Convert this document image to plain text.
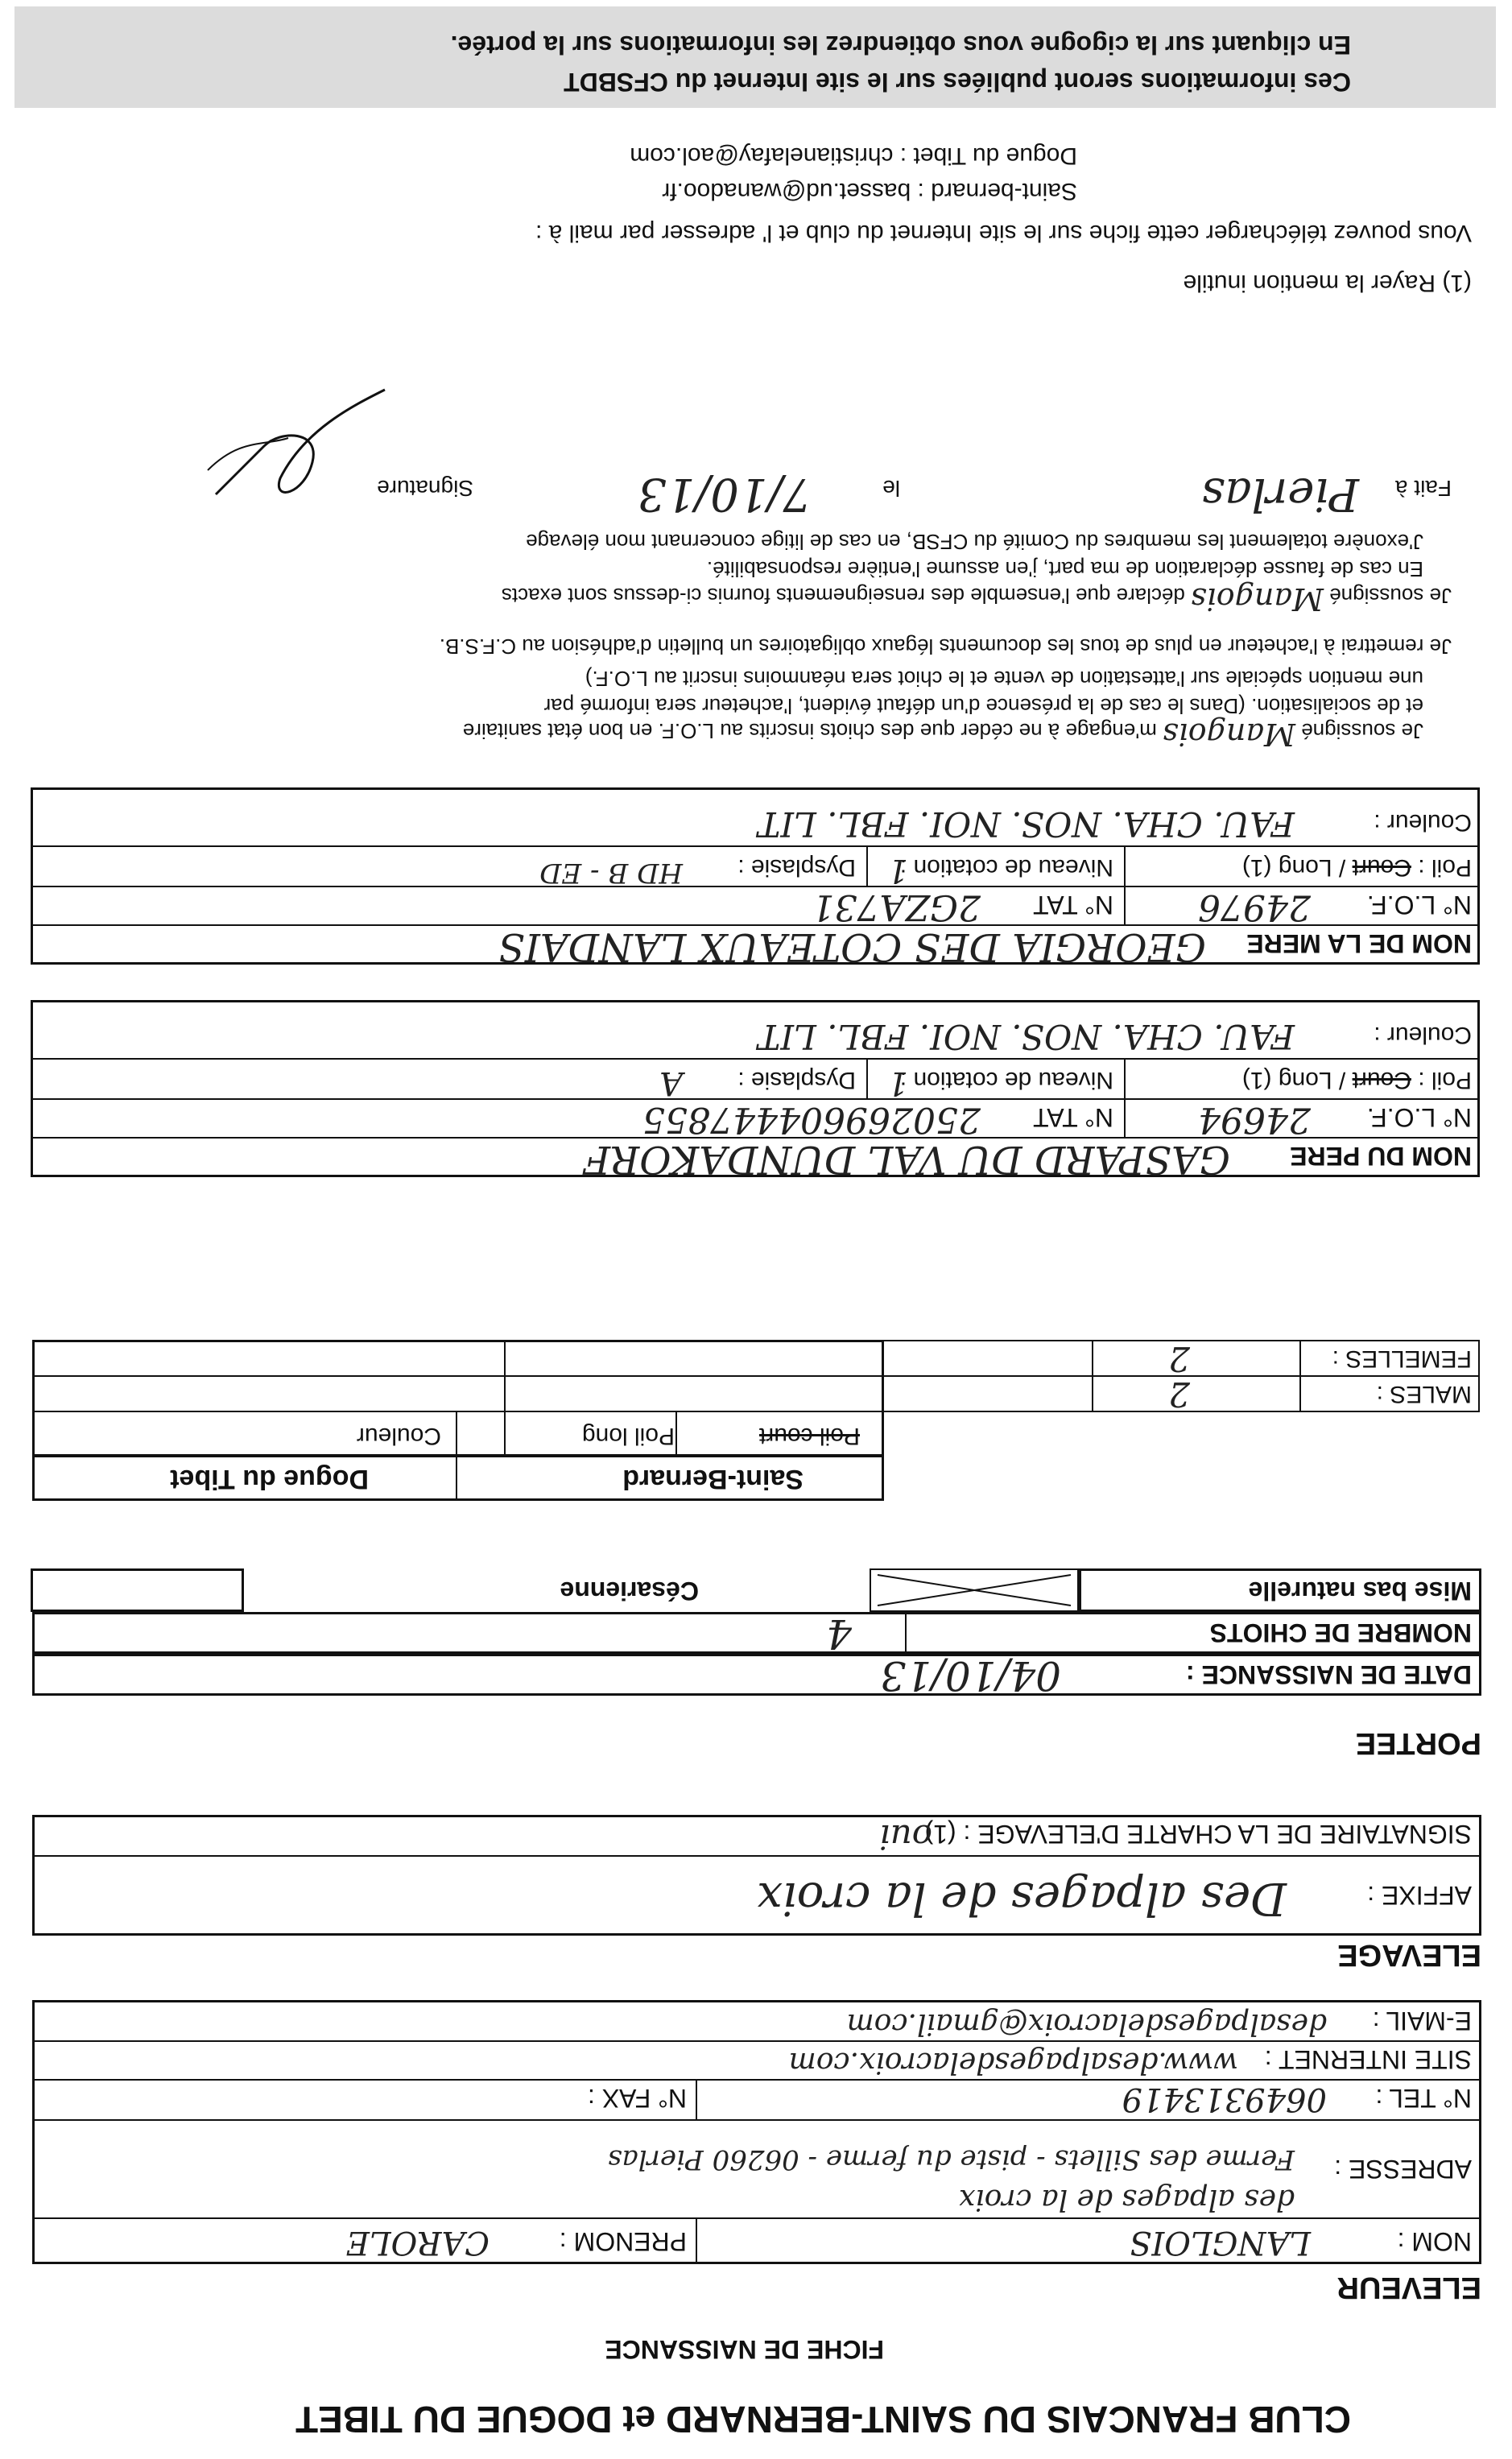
CLUB FRANCAIS DU SAINT-BERNARD et DOGUE DU TIBET
FICHE DE NAISSANCE
ELEVEUR
NOM :
LANGLOIS
PRENOM :
CAROLE
ADRESSE :
des alpages de la croix
Ferme des Sillets - piste du ferme - 06260 Pierlas
N° TEL :
0649313419
N° FAX :
SITE INTERNET :
www.desalpagesdelacroix.com
E-MAIL :
desalpagesdelacroix@gmail.com
ELEVAGE
AFFIXE :
Des alpages de la croix
SIGNATAIRE DE LA CHARTE D'ELEVAGE : (1)
oui
PORTEE
DATE DE NAISSANCE :
04/10/13
NOMBRE DE CHIOTS
4
Mise bas naturelle
Césarienne
Saint-Bernard
Dogue du Tibet
Poil court
Poil long
Couleur
MALES :
2
FEMELLES :
2
NOM DU PERE
GASPARD DU VAL DUNDAKORF
N° L.O.F.
24694
N° TAT
250269604447855
Poil : Court / Long (1)
Niveau de cotation :
1
Dysplasie :
A
Couleur :
FAU. CHA. NOS. NOI. FBL. LIT
NOM DE LA MERE
GEORGIA DES COTEAUX LANDAIS
N° L.O.F.
24976
N° TAT
2GZA731
Poil : Court / Long (1)
Niveau de cotation :
1
Dysplasie :
HD B - ED
Couleur :
FAU. CHA. NOS. NOI. FBL. LIT
Je soussigné Mangois m'engage à ne céder que des chiots inscrits au L.O.F. en bon état sanitaire
et de socialisation. (Dans le cas de la présence d'un défaut évident, l'acheteur sera informé par
une mention spéciale sur l'attestation de vente et le chiot sera néanmoins inscrit au L.O.F.)
Je remettrai à l'acheteur en plus de tous les documents légaux obligatoires un bulletin d'adhésion au C.F.S.B.
Je soussigné Mangois déclare que l'ensemble des renseignements fournis ci-dessus sont exacts
En cas de fausse déclaration de ma part, j'en assume l'entière responsabilité.
J'exonère totalement les membres du Comité du CFSB, en cas de litige concernant mon élevage
Fait à
Pierlas
le
7/10/13
Signature
(1) Rayer la mention inutile
Vous pouvez télécharger cette fiche sur le site Internet du club et l' adresser par mail à :
Saint-bernard : basset.ud@wanadoo.fr
Dogue du Tibet : christianelafay@aol.com
Ces informations seront publiées sur le site Internet du CFSBDT
En cliquant sur la cigogne vous obtiendrez les informations sur la portée.
